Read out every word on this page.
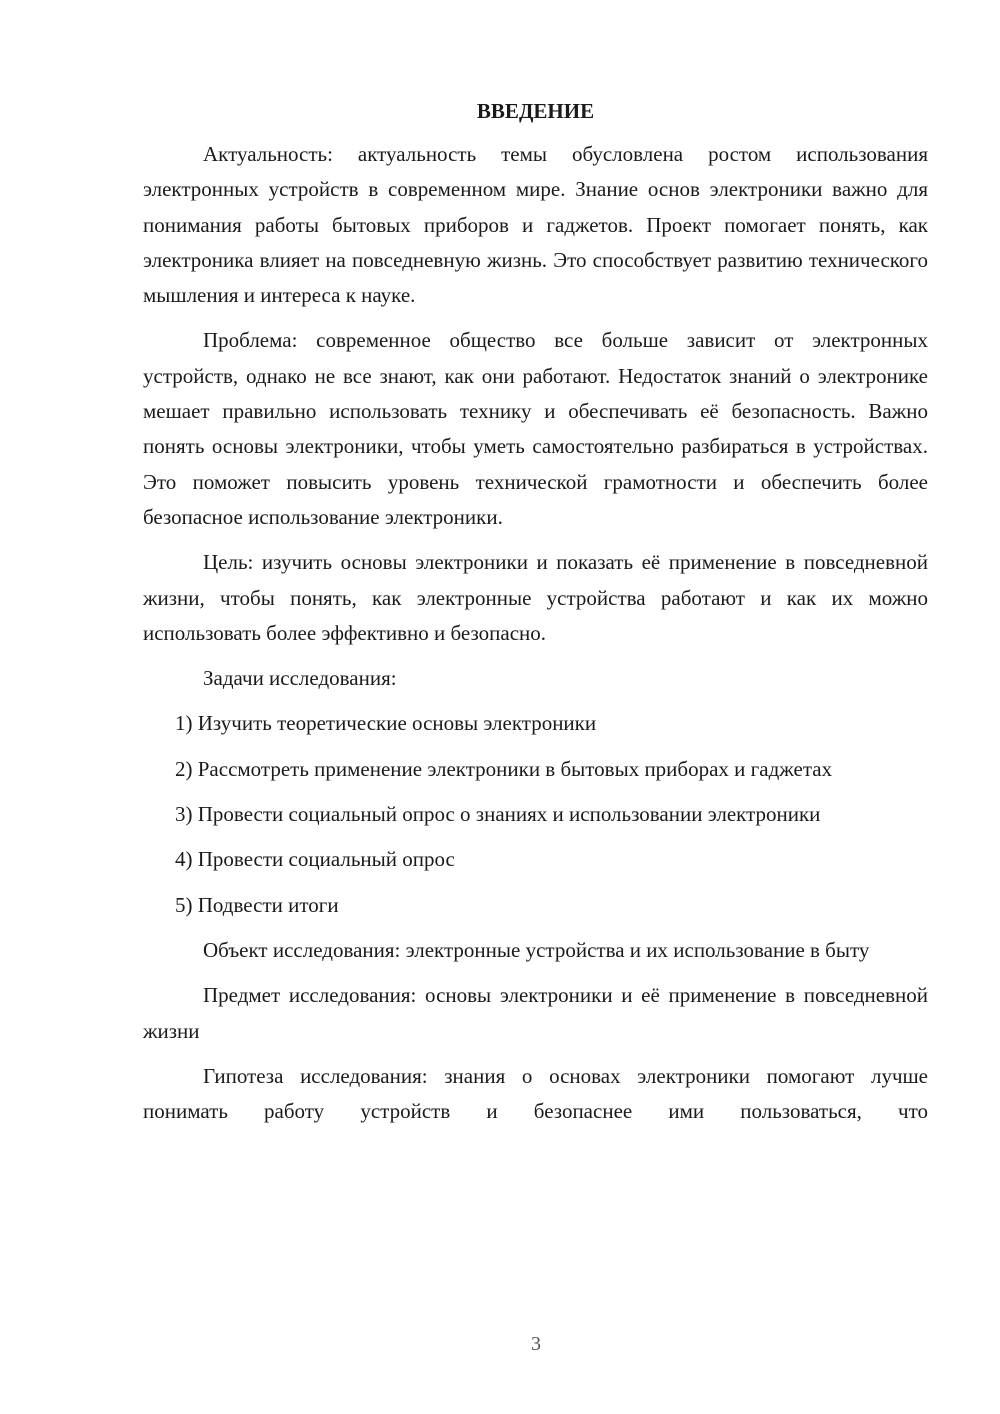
ВВЕДЕНИЕ

Актуальность: актуальность темы обусловлена ростом использования электронных устройств в современном мире. Знание основ электроники важно для понимания работы бытовых приборов и гаджетов. Проект помогает понять, как электроника влияет на повседневную жизнь. Это способствует развитию технического мышления и интереса к науке.

Проблема: современное общество все больше зависит от электронных устройств, однако не все знают, как они работают. Недостаток знаний о электронике мешает правильно использовать технику и обеспечивать её безопасность. Важно понять основы электроники, чтобы уметь самостоятельно разбираться в устройствах. Это поможет повысить уровень технической грамотности и обеспечить более безопасное использование электроники.

Цель: изучить основы электроники и показать её применение в повседневной жизни, чтобы понять, как электронные устройства работают и как их можно использовать более эффективно и безопасно.

Задачи исследования:

1) Изучить теоретические основы электроники

2) Рассмотреть применение электроники в бытовых приборах и гаджетах

3) Провести социальный опрос о знаниях и использовании электроники

4) Провести социальный опрос

5) Подвести итоги

Объект исследования: электронные устройства и их использование в быту

Предмет исследования: основы электроники и её применение в повседневной жизни

Гипотеза исследования: знания о основах электроники помогают лучше понимать работу устройств и безопаснее ими пользоваться, что

3
